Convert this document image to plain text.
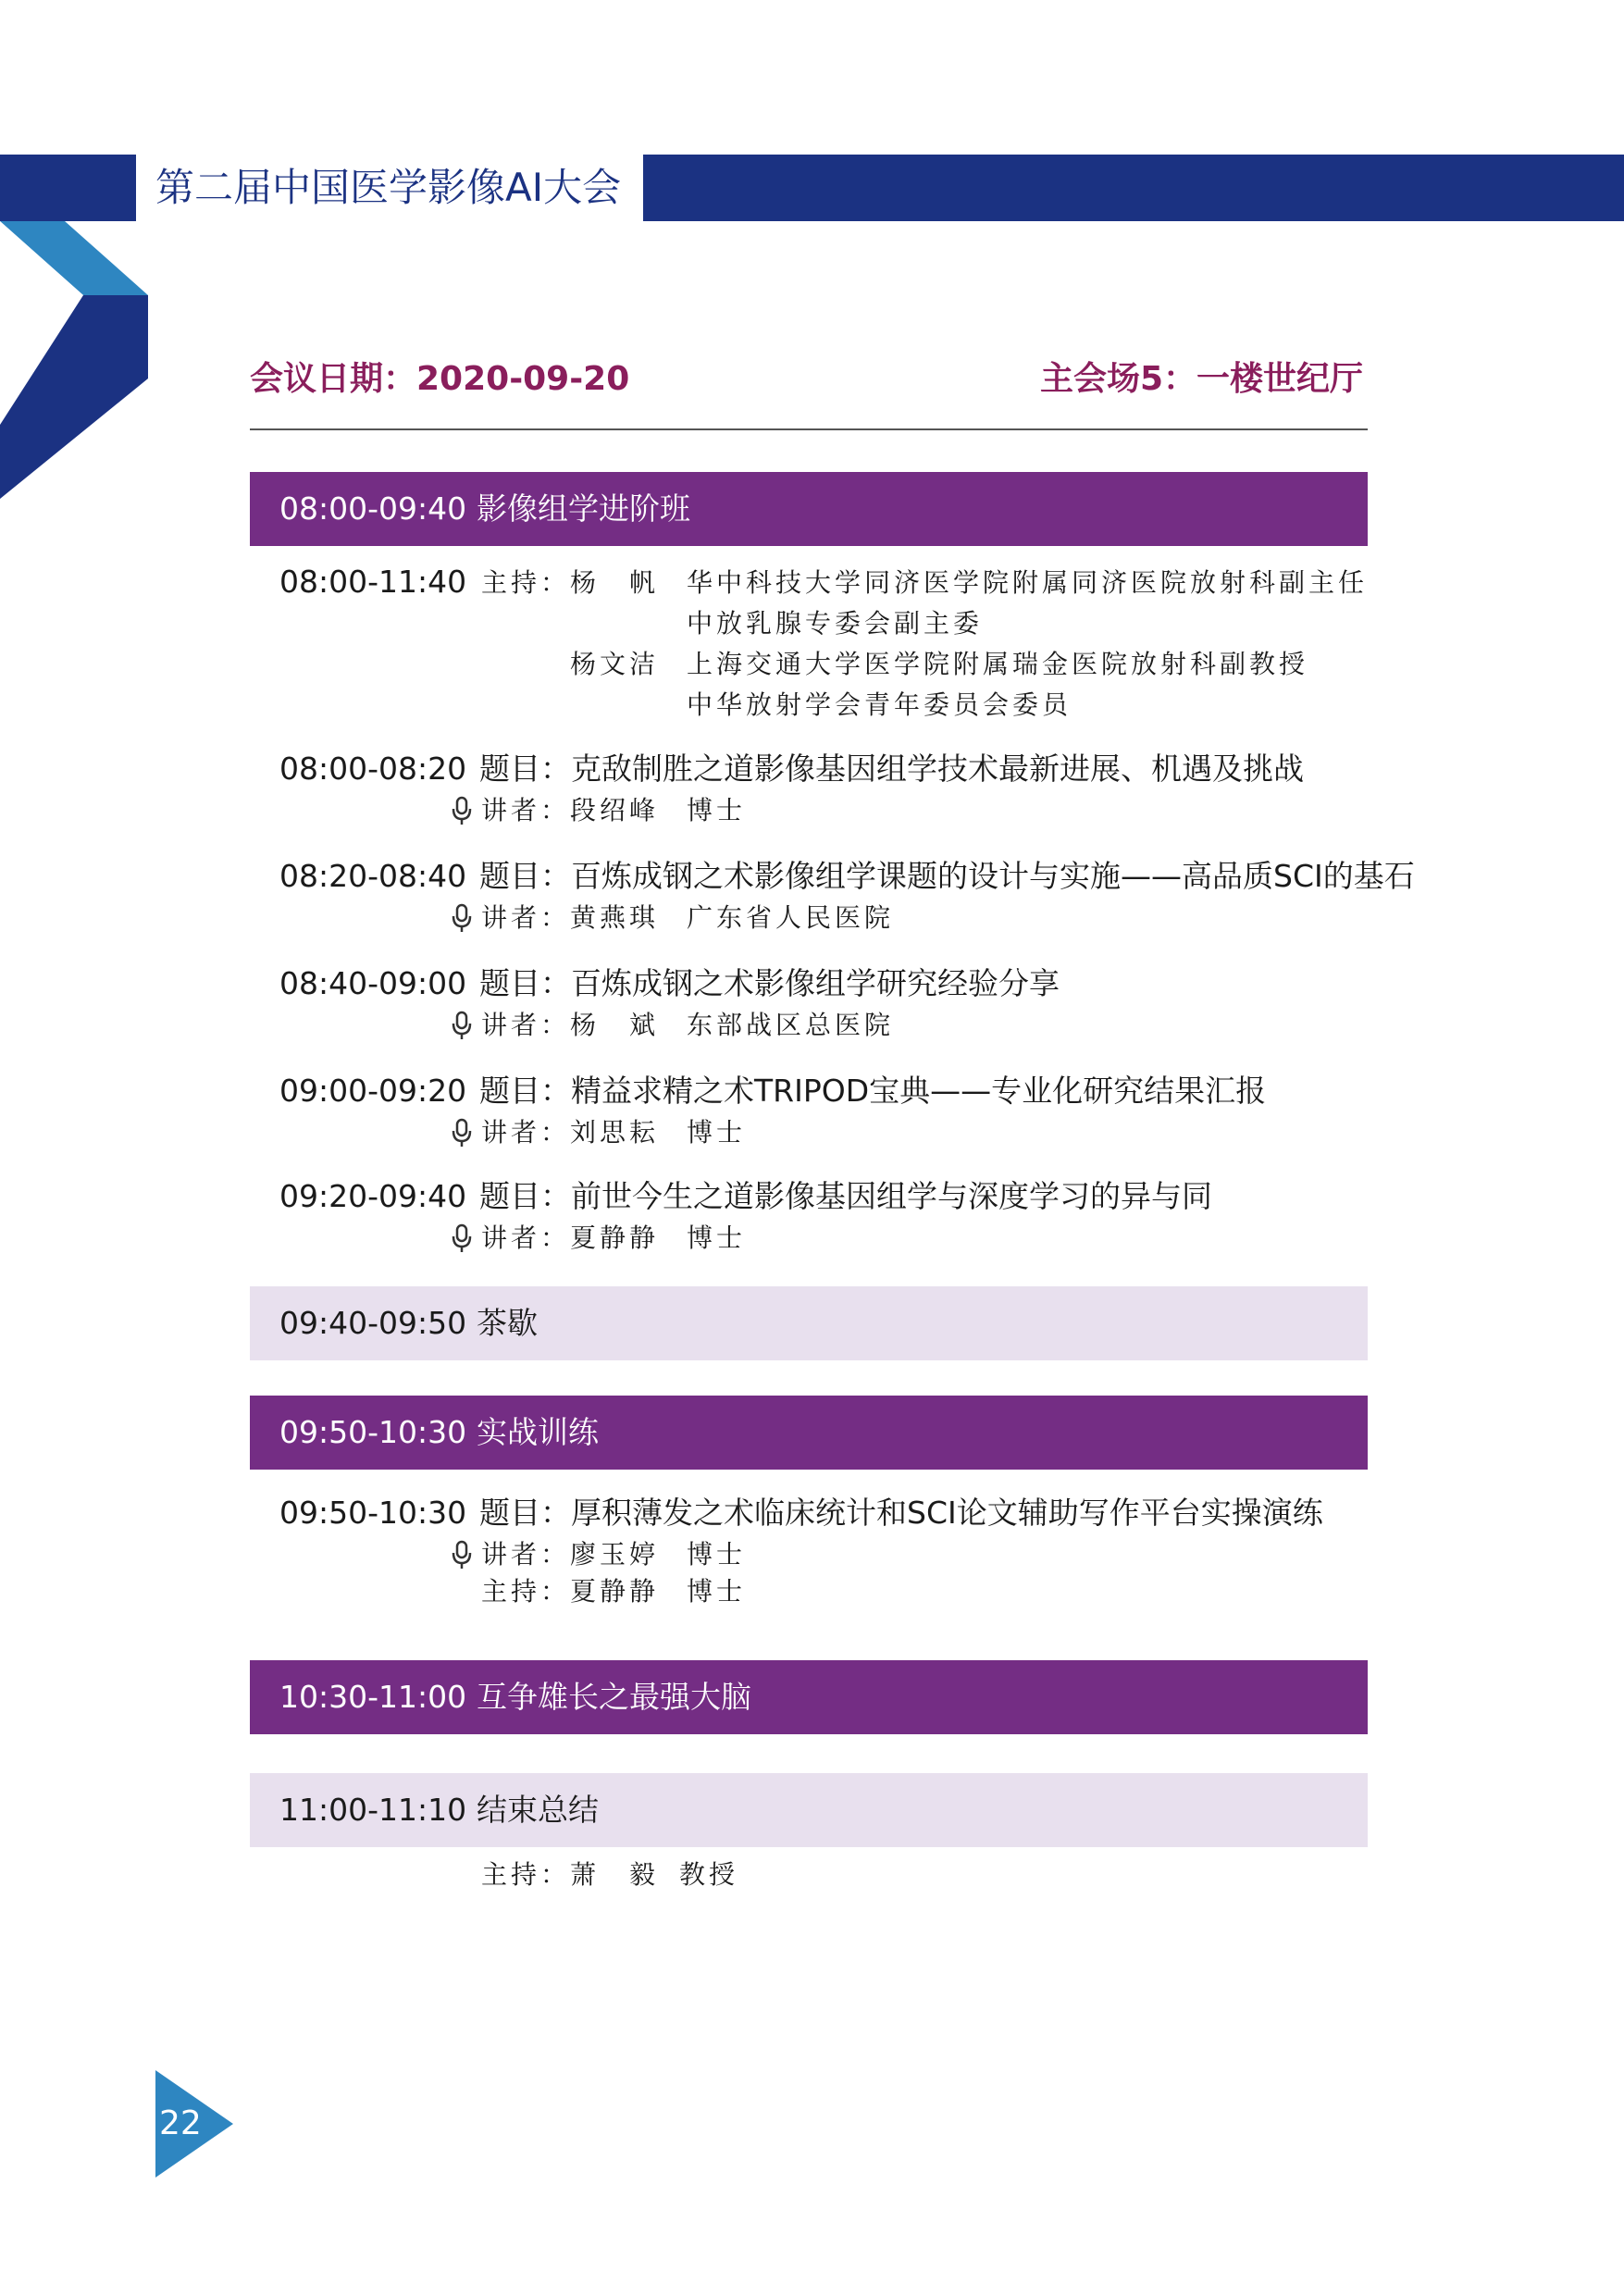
第二届中国医学影像AI大会
会议日期：2020-09-20	主会场5：一楼世纪厅
08:00-09:40 影像组学进阶班
08:00-11:40 主持： 杨　帆 华中科技大学同济医学院附属同济医院放射科副主任
中放乳腺专委会副主委
杨文洁 上海交通大学医学院附属瑞金医院放射科副教授
中华放射学会青年委员会委员
08:00-08:20 题目：克敌制胜之道影像基因组学技术最新进展、机遇及挑战
讲者： 段绍峰 博士
08:20-08:40 题目：百炼成钢之术影像组学课题的设计与实施——高品质SCI的基石
讲者： 黄燕琪 广东省人民医院
08:40-09:00 题目：百炼成钢之术影像组学研究经验分享
讲者： 杨　斌 东部战区总医院
09:00-09:20 题目：精益求精之术TRIPOD宝典——专业化研究结果汇报
讲者： 刘思耘 博士
09:20-09:40 题目：前世今生之道影像基因组学与深度学习的异与同
讲者： 夏静静 博士
09:40-09:50 茶歇
09:50-10:30 实战训练
09:50-10:30 题目：厚积薄发之术临床统计和SCI论文辅助写作平台实操演练
讲者： 廖玉婷 博士
主持： 夏静静 博士
10:30-11:00 互争雄长之最强大脑
11:00-11:10 结束总结
主持： 萧　毅 教授
22
